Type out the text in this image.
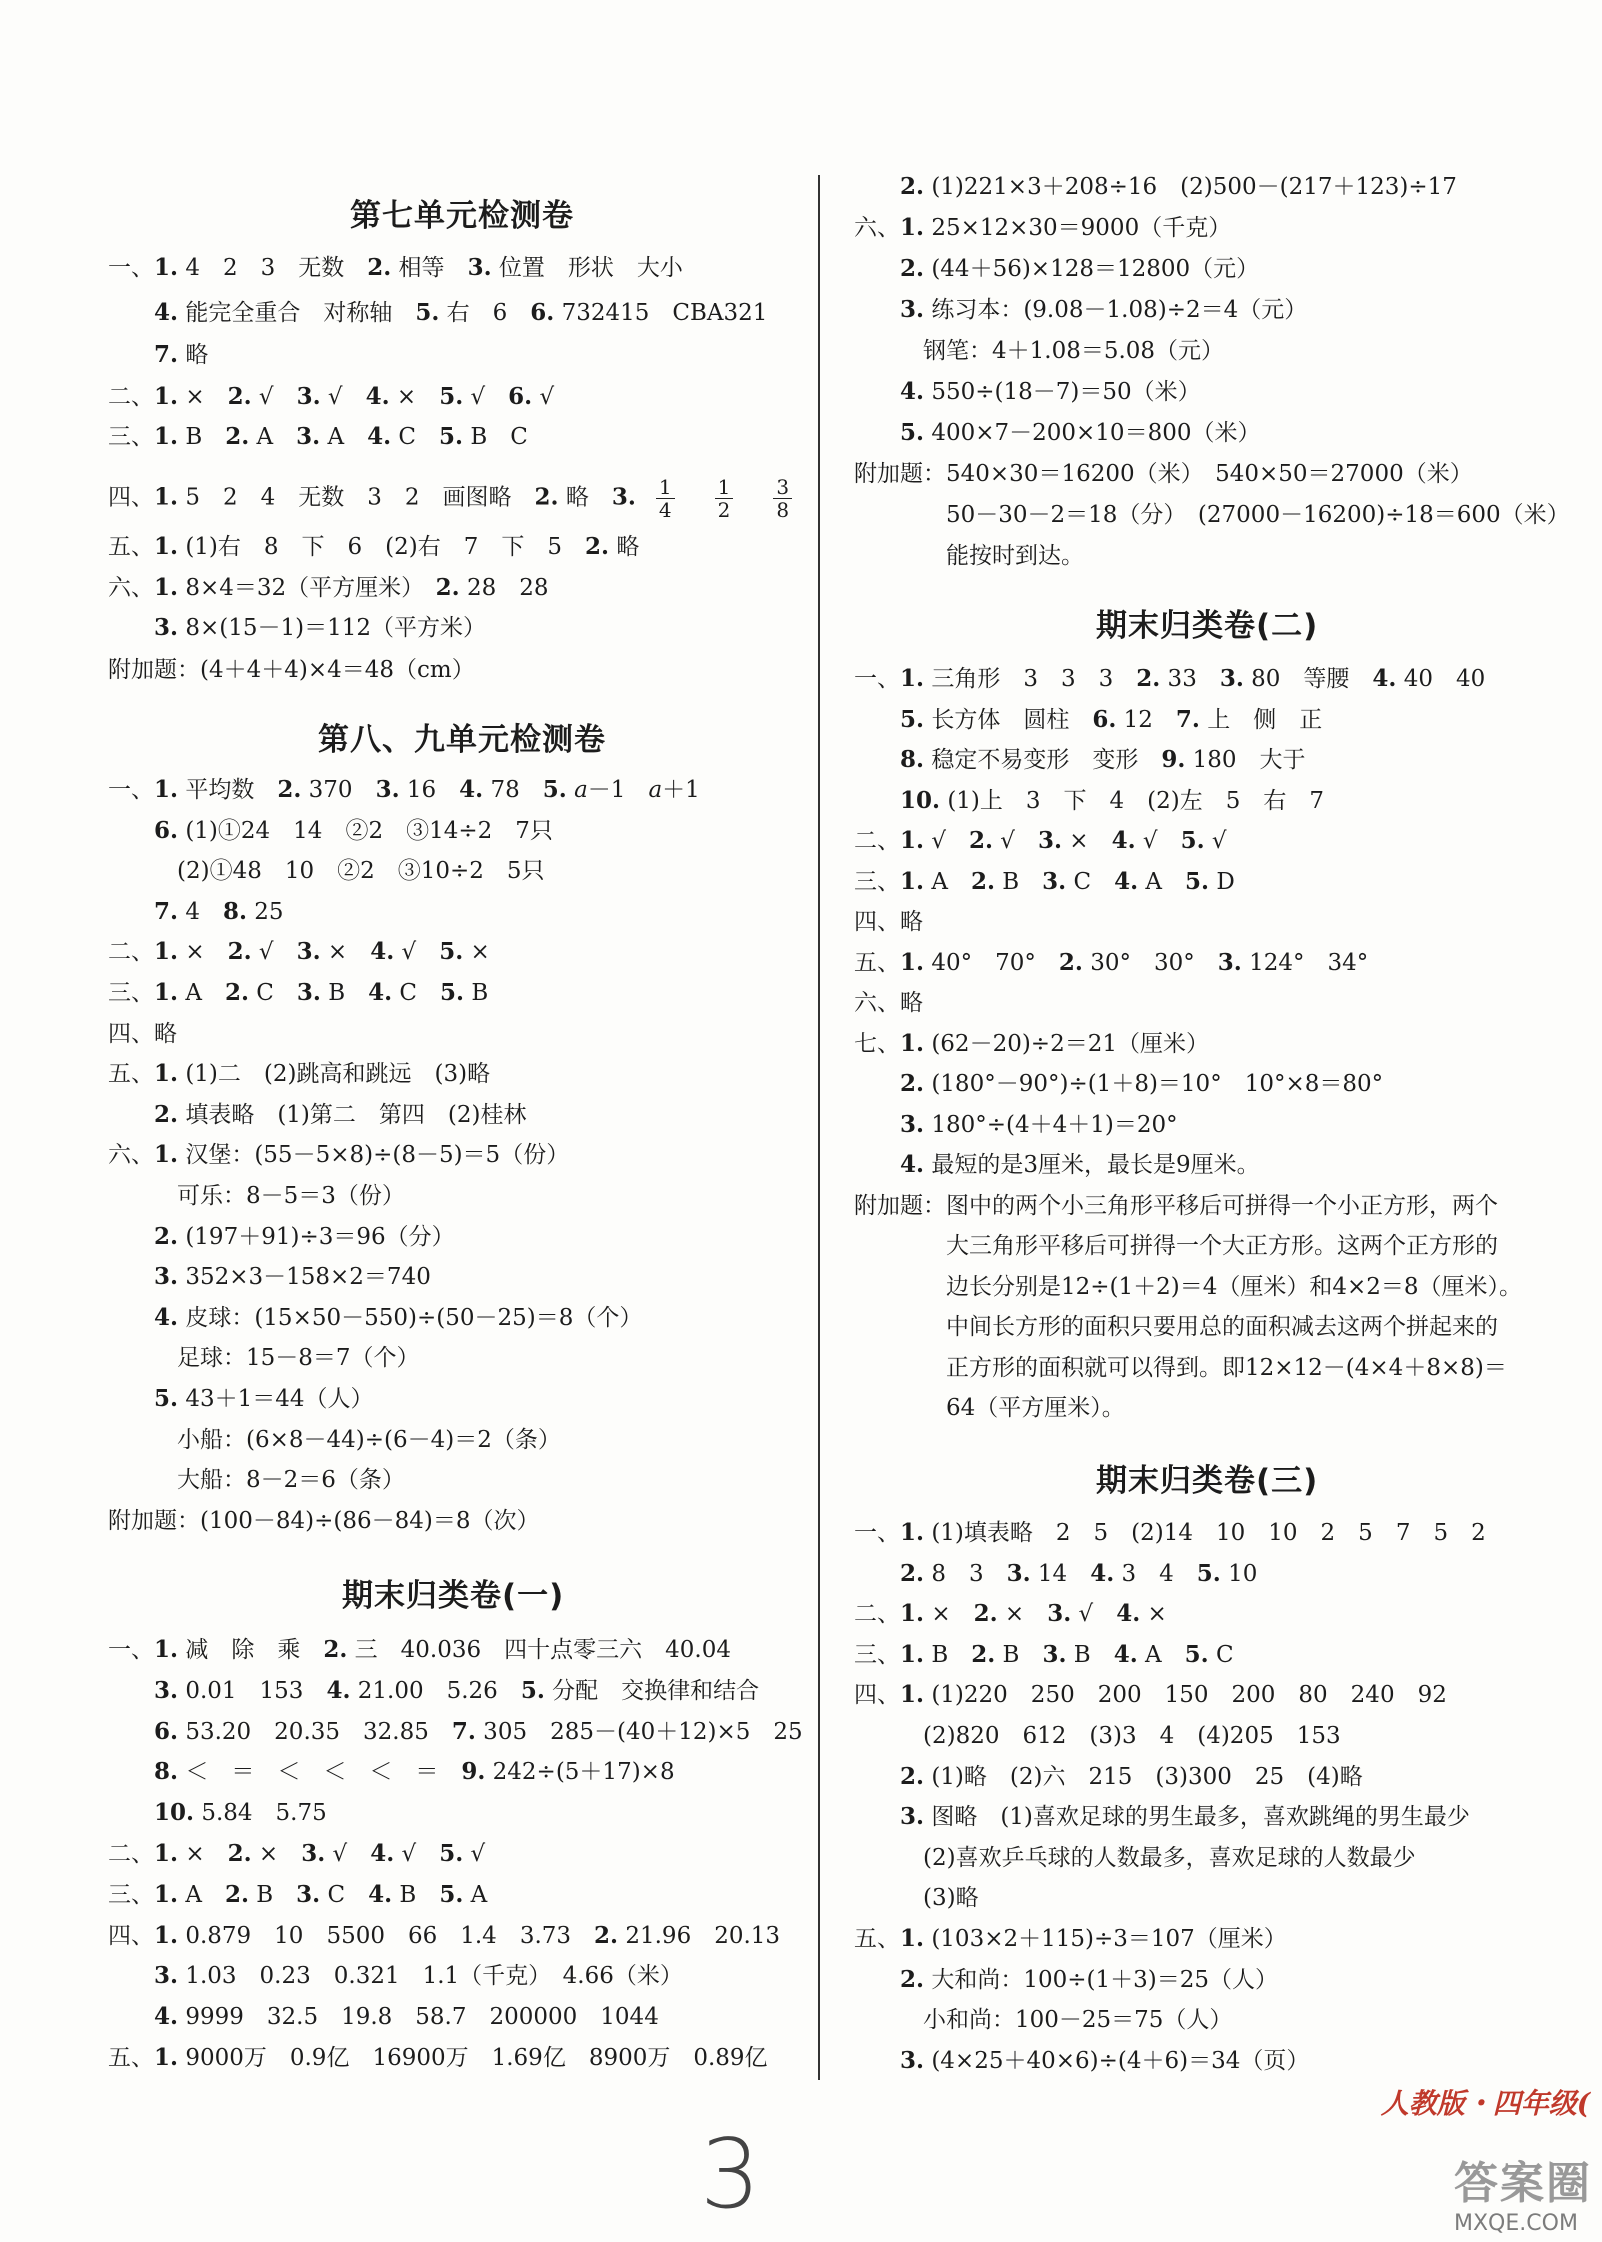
第七单元检测卷
一、1. 4　2　3　无数　2. 相等　3. 位置　形状　大小
　　4. 能完全重合　对称轴　5. 右　6　6. 732415　CBA321
　　7. 略
二、1. ×　2. √　3. √　4. ×　5. √　6. √
三、1. B　2. A　3. A　4. C　5. B　C
四、1. 5　2　4　无数　3　2　画图略　2. 略　3. $\frac{1}{4} \frac{1}{2} \frac{3}{8}$
五、1. (1)右　8　下　6　(2)右　7　下　5　2. 略
六、1. 8×4＝32（平方厘米）　2. 28　28
　　3. 8×(15－1)＝112（平方米）
附加题：(4＋4＋4)×4＝48（cm）
第八、九单元检测卷
一、1. 平均数　2. 370　3. 16　4. 78　5. a－1　a＋1
　　6. (1)①24　14　②2　③14÷2　7只
　　　(2)①48　10　②2　③10÷2　5只
　　7. 4　8. 25
二、1. ×　2. √　3. ×　4. √　5. ×
三、1. A　2. C　3. B　4. C　5. B
四、略
五、1. (1)二　(2)跳高和跳远　(3)略
　　2. 填表略　(1)第二　第四　(2)桂林
六、1. 汉堡：(55－5×8)÷(8－5)＝5（份）
　　　可乐：8－5＝3（份）
　　2. (197＋91)÷3＝96（分）
　　3. 352×3－158×2＝740
　　4. 皮球：(15×50－550)÷(50－25)＝8（个）
　　　足球：15－8＝7（个）
　　5. 43＋1＝44（人）
　　　小船：(6×8－44)÷(6－4)＝2（条）
　　　大船：8－2＝6（条）
附加题：(100－84)÷(86－84)＝8（次）
期末归类卷(一)
一、1. 减　除　乘　2. 三　40.036　四十点零三六　40.04
　　3. 0.01　153　4. 21.00　5.26　5. 分配　交换律和结合
　　6. 53.20　20.35　32.85　7. 305　285－(40＋12)×5　25
　　8. ＜　＝　＜　＜　＜　＝　9. 242÷(5＋17)×8
　　10. 5.84　5.75
二、1. ×　2. ×　3. √　4. √　5. √
三、1. A　2. B　3. C　4. B　5. A
四、1. 0.879　10　5500　66　1.4　3.73　2. 21.96　20.13
　　3. 1.03　0.23　0.321　1.1（千克）　4.66（米）
　　4. 9999　32.5　19.8　58.7　200000　1044
五、1. 9000万　0.9亿　16900万　1.69亿　8900万　0.89亿
　　2. (1)221×3＋208÷16　(2)500－(217＋123)÷17
六、1. 25×12×30＝9000（千克）
　　2. (44＋56)×128＝12800（元）
　　3. 练习本：(9.08－1.08)÷2＝4（元）
　　　钢笔：4＋1.08＝5.08（元）
　　4. 550÷(18－7)＝50（米）
　　5. 400×7－200×10＝800（米）
附加题：540×30＝16200（米）　540×50＝27000（米）
　　　　50－30－2＝18（分）　(27000－16200)÷18＝600（米）
　　　　能按时到达。
期末归类卷(二)
一、1. 三角形　3　3　3　2. 33　3. 80　等腰　4. 40　40
　　5. 长方体　圆柱　6. 12　7. 上　侧　正
　　8. 稳定不易变形　变形　9. 180　大于
　　10. (1)上　3　下　4　(2)左　5　右　7
二、1. √　2. √　3. ×　4. √　5. √
三、1. A　2. B　3. C　4. A　5. D
四、略
五、1. 40°　70°　2. 30°　30°　3. 124°　34°
六、略
七、1. (62－20)÷2＝21（厘米）
　　2. (180°－90°)÷(1＋8)＝10°　10°×8＝80°
　　3. 180°÷(4＋4＋1)＝20°
　　4. 最短的是3厘米，最长是9厘米。
附加题：图中的两个小三角形平移后可拼得一个小正方形，两个
　　　　大三角形平移后可拼得一个大正方形。这两个正方形的
　　　　边长分别是12÷(1＋2)＝4（厘米）和4×2＝8（厘米）。
　　　　中间长方形的面积只要用总的面积减去这两个拼起来的
　　　　正方形的面积就可以得到。即12×12－(4×4＋8×8)＝
　　　　64（平方厘米）。
期末归类卷(三)
一、1. (1)填表略　2　5　(2)14　10　10　2　5　7　5　2
　　2. 8　3　3. 14　4. 3　4　5. 10
二、1. ×　2. ×　3. √　4. ×
三、1. B　2. B　3. B　4. A　5. C
四、1. (1)220　250　200　150　200　80　240　92
　　　(2)820　612　(3)3　4　(4)205　153
　　2. (1)略　(2)六　215　(3)300　25　(4)略
　　3. 图略　(1)喜欢足球的男生最多，喜欢跳绳的男生最少
　　　(2)喜欢乒乓球的人数最多，喜欢足球的人数最少
　　　(3)略
五、1. (103×2＋115)÷3＝107（厘米）
　　2. 大和尚：100÷(1＋3)＝25（人）
　　　小和尚：100－25＝75（人）
　　3. (4×25＋40×6)÷(4＋6)＝34（页）
人教版・四年级(
3	答案圈
MXQE.COM
